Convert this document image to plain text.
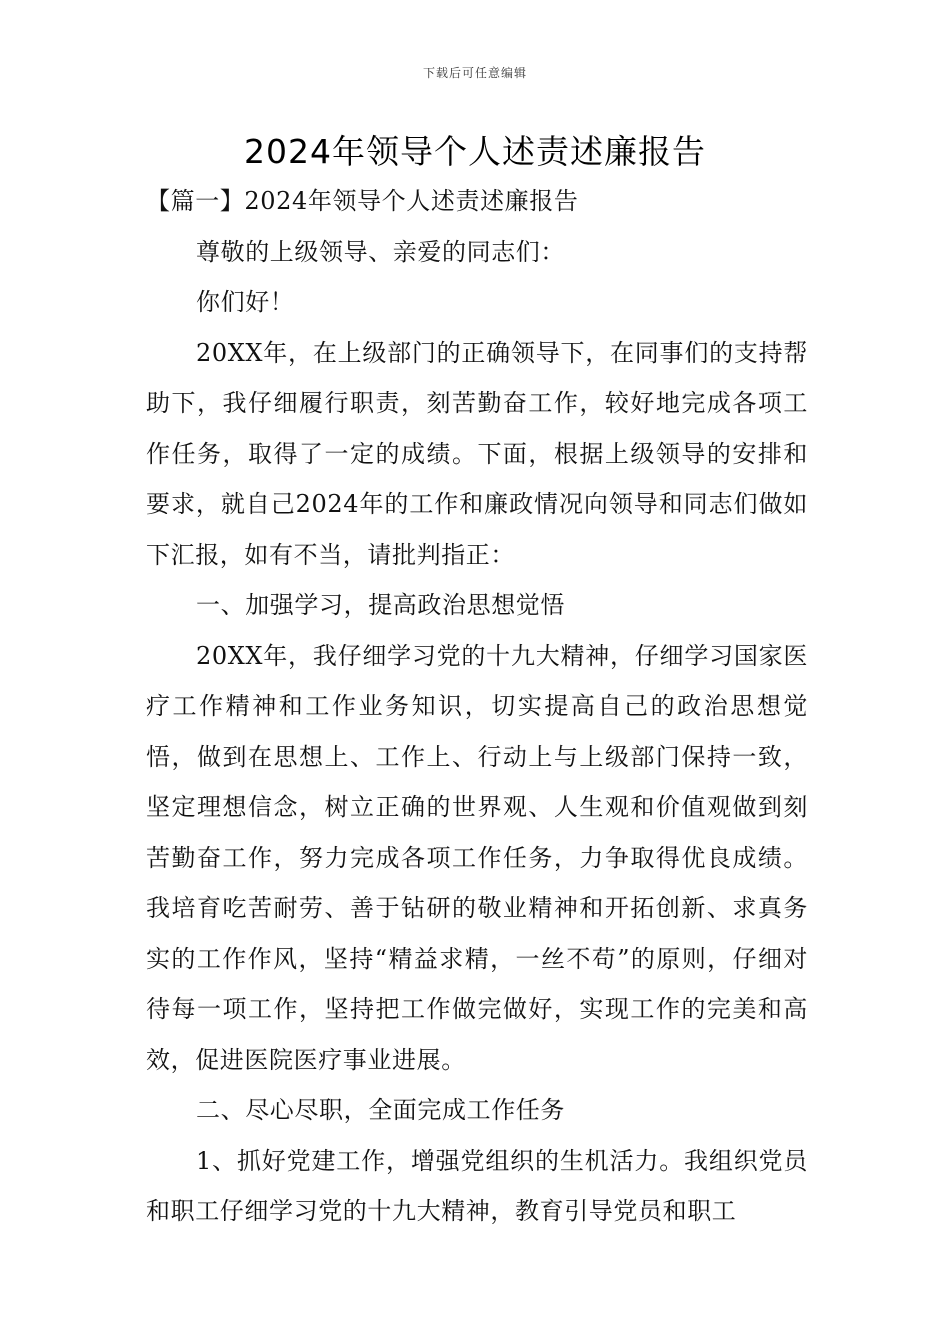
下载后可任意编辑
2024年领导个人述责述廉报告

【篇一】2024年领导个人述责述廉报告

尊敬的上级领导、亲爱的同志们：

你们好！

20XX年，在上级部门的正确领导下，在同事们的支持帮助下，我仔细履行职责，刻苦勤奋工作，较好地完成各项工作任务，取得了一定的成绩。下面，根据上级领导的安排和要求，就自己2024年的工作和廉政情况向领导和同志们做如下汇报，如有不当，请批判指正：

一、加强学习，提高政治思想觉悟

20XX年，我仔细学习党的十九大精神，仔细学习国家医疗工作精神和工作业务知识，切实提高自己的政治思想觉悟，做到在思想上、工作上、行动上与上级部门保持一致，坚定理想信念，树立正确的世界观、人生观和价值观做到刻苦勤奋工作，努力完成各项工作任务，力争取得优良成绩。我培育吃苦耐劳、善于钻研的敬业精神和开拓创新、求真务实的工作作风，坚持“精益求精，一丝不苟”的原则，仔细对待每一项工作，坚持把工作做完做好，实现工作的完美和高效，促进医院医疗事业进展。

二、尽心尽职，全面完成工作任务

1、抓好党建工作，增强党组织的生机活力。我组织党员和职工仔细学习党的十九大精神，教育引导党员和职工
